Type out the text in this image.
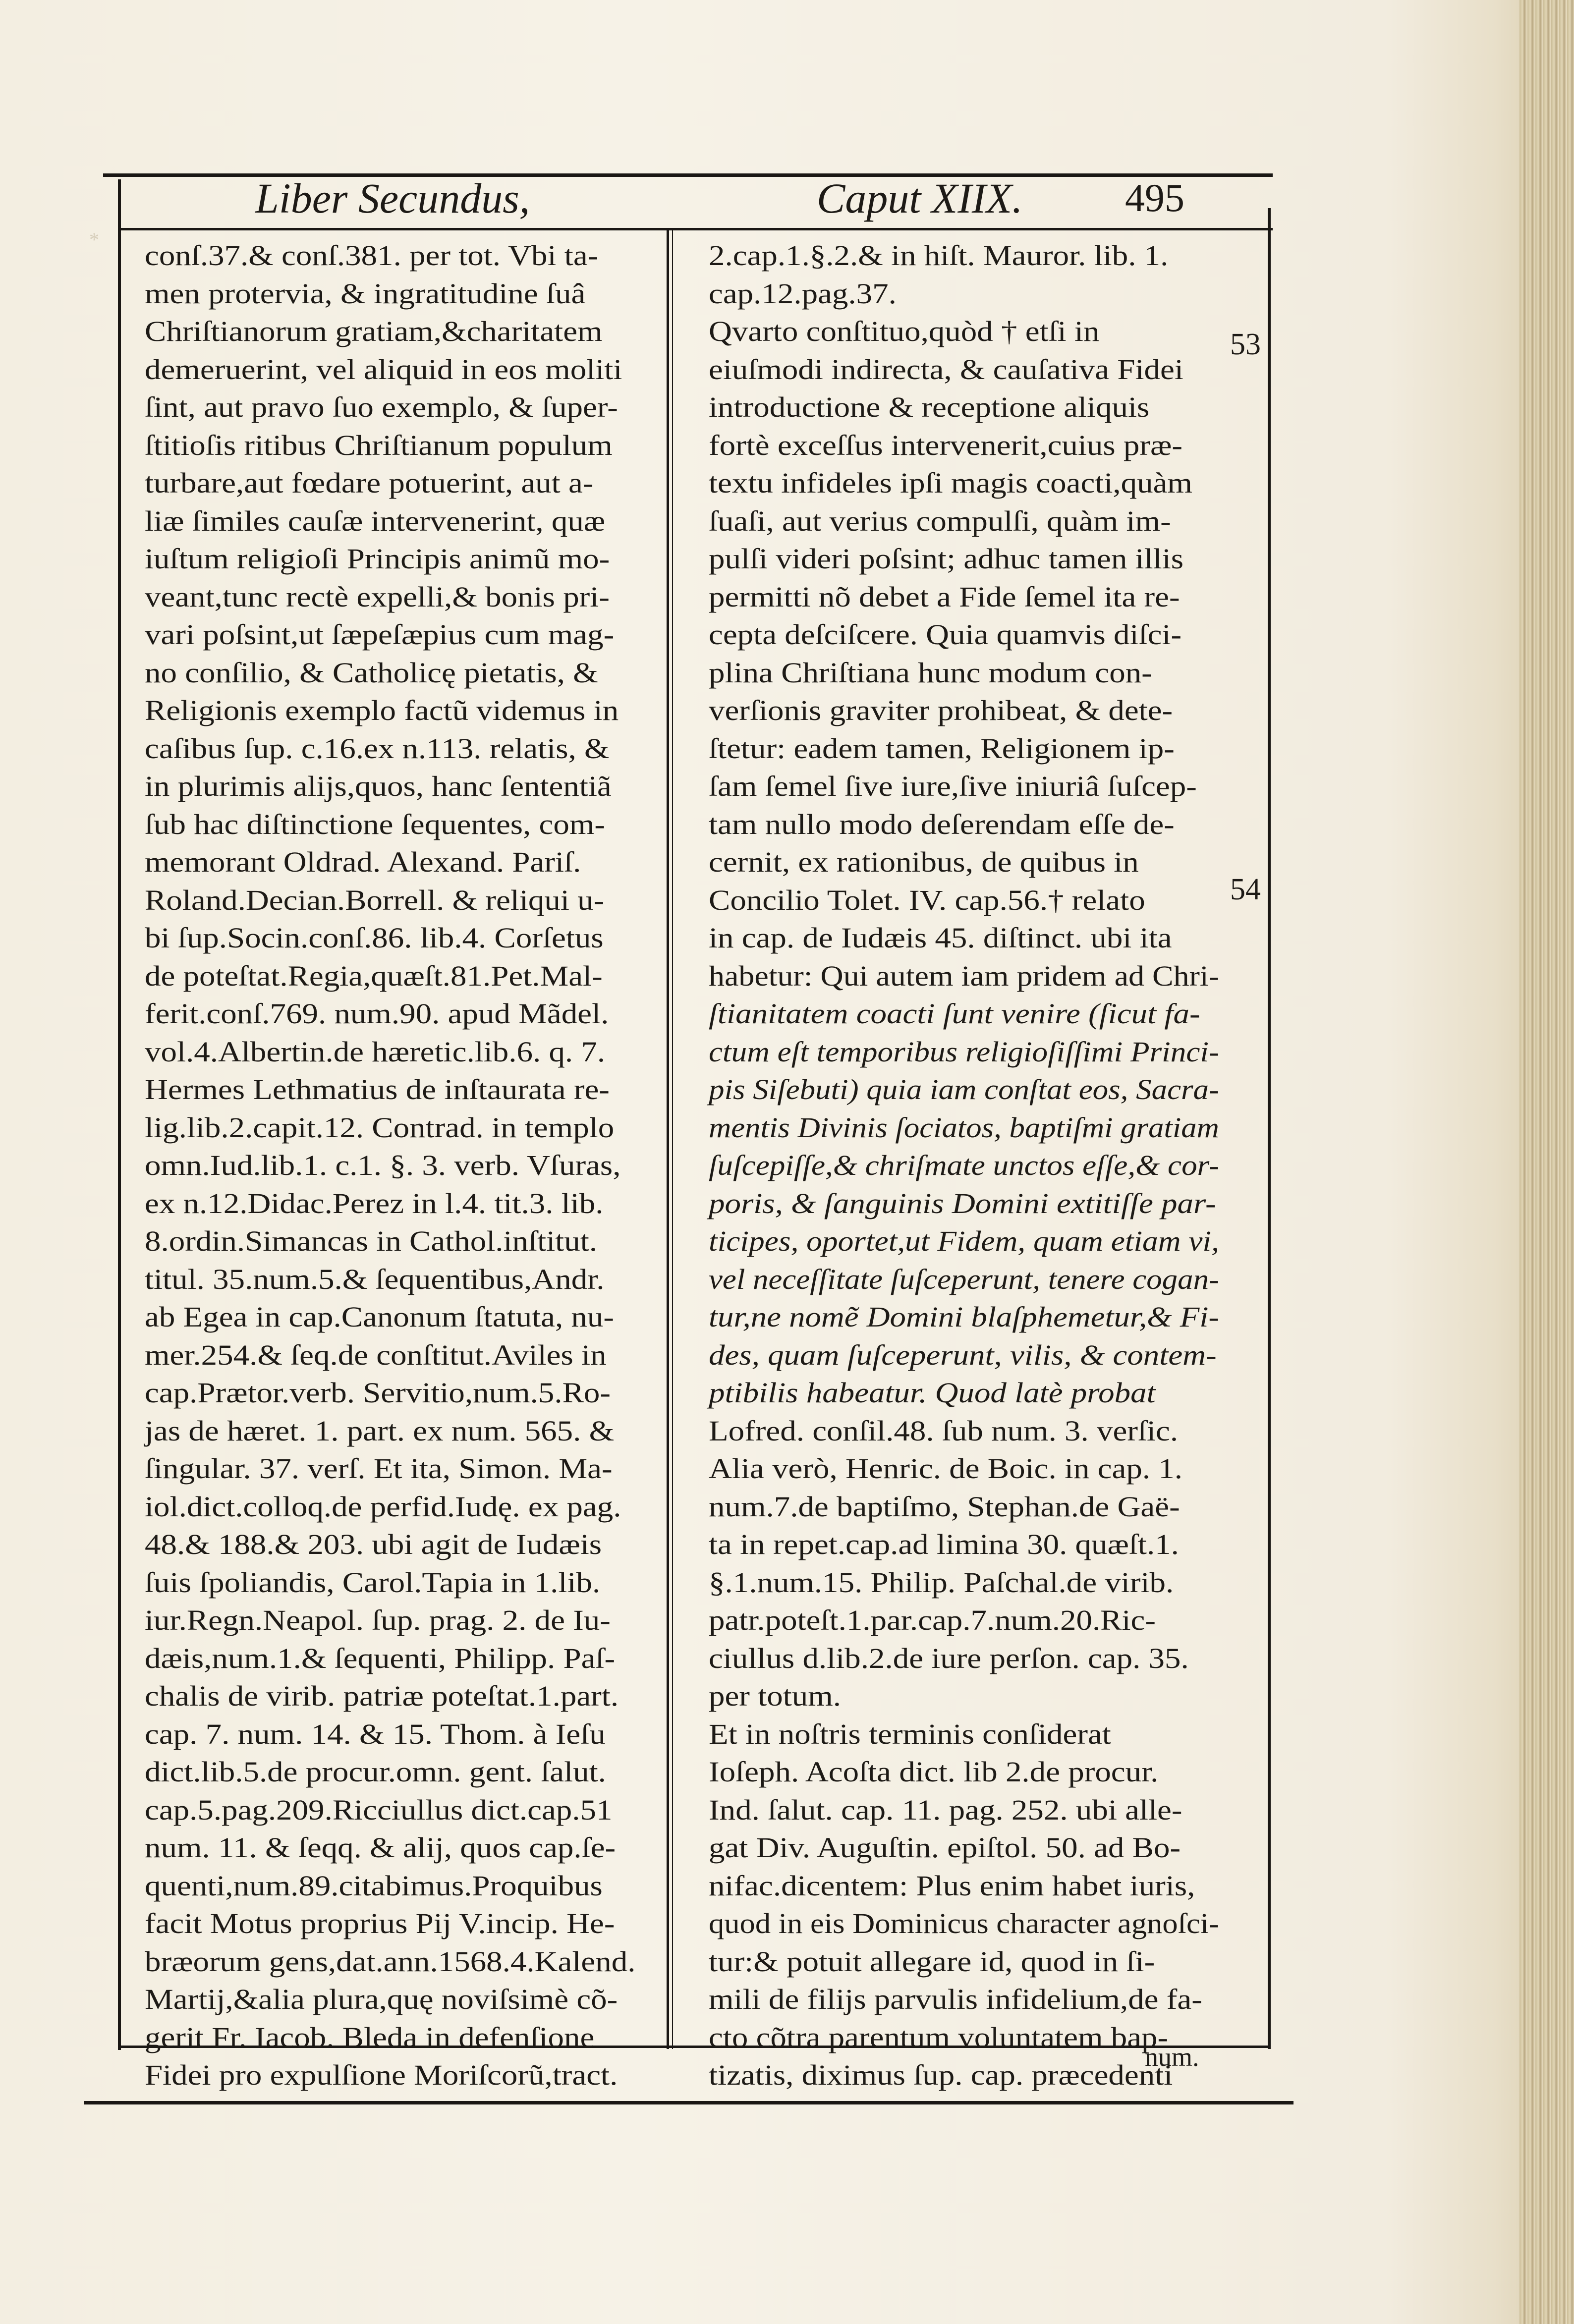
*
Liber Secundus,	Caput XIIX.	495
53
54
conſ.37.& conſ.381. per tot. Vbi ta-
men protervia, & ingratitudine ſuâ
Chriſtianorum gratiam,&charitatem
demeruerint, vel aliquid in eos moliti
ſint, aut pravo ſuo exemplo, & ſuper-
ſtitioſis ritibus Chriſtianum populum
turbare,aut fœdare potuerint, aut a-
liæ ſimiles cauſæ intervenerint, quæ
iuſtum religioſi Principis animũ mo-
veant,tunc rectè expelli,& bonis pri-
vari poſsint,ut ſæpeſæpius cum mag-
no conſilio, & Catholicę pietatis, &
Religionis exemplo factũ videmus in
caſibus ſup. c.16.ex n.113. relatis, &
in plurimis alijs,quos, hanc ſententiã
ſub hac diſtinctione ſequentes, com-
memorant Oldrad. Alexand. Pariſ.
Roland.Decian.Borrell. & reliqui u-
bi ſup.Socin.conſ.86. lib.4. Corſetus
de poteſtat.Regia,quæſt.81.Pet.Mal-
ferit.conſ.769. num.90. apud Mãdel.
vol.4.Albertin.de hæretic.lib.6. q. 7.
Hermes Lethmatius de inſtaurata re-
lig.lib.2.capit.12. Contrad. in templo
omn.Iud.lib.1. c.1. §. 3. verb. Vſuras,
ex n.12.Didac.Perez in l.4. tit.3. lib.
8.ordin.Simancas in Cathol.inſtitut.
titul. 35.num.5.& ſequentibus,Andr.
ab Egea in cap.Canonum ſtatuta, nu-
mer.254.& ſeq.de conſtitut.Aviles in
cap.Prætor.verb. Servitio,num.5.Ro-
jas de hæret. 1. part. ex num. 565. &
ſingular. 37. verſ. Et ita, Simon. Ma-
iol.dict.colloq.de perfid.Iudę. ex pag.
48.& 188.& 203. ubi agit de Iudæis
ſuis ſpoliandis, Carol.Tapia in 1.lib.
iur.Regn.Neapol. ſup. prag. 2. de Iu-
dæis,num.1.& ſequenti, Philipp. Paſ-
chalis de virib. patriæ poteſtat.1.part.
cap. 7. num. 14. & 15. Thom. à Ieſu
dict.lib.5.de procur.omn. gent. ſalut.
cap.5.pag.209.Ricciullus dict.cap.51
num. 11. & ſeqq. & alij, quos cap.ſe-
quenti,num.89.citabimus.Proquibus
facit Motus proprius Pij V.incip. He-
bræorum gens,dat.ann.1568.4.Kalend.
Martij,&alia plura,quę noviſsimè cõ-
gerit Fr. Iacob. Bleda in defenſione
Fidei pro expulſione Moriſcorũ,tract.
2.cap.1.§.2.& in hiſt. Mauror. lib. 1.
cap.12.pag.37.
Qvarto conſtituo,quòd † etſi in
eiuſmodi indirecta, & cauſativa Fidei
introductione & receptione aliquis
fortè exceſſus intervenerit,cuius præ-
textu infideles ipſi magis coacti,quàm
ſuaſi, aut verius compulſi, quàm im-
pulſi videri poſsint; adhuc tamen illis
permitti nõ debet a Fide ſemel ita re-
cepta deſciſcere. Quia quamvis diſci-
plina Chriſtiana hunc modum con-
verſionis graviter prohibeat, & dete-
ſtetur: eadem tamen, Religionem ip-
ſam ſemel ſive iure,ſive iniuriâ ſuſcep-
tam nullo modo deſerendam eſſe de-
cernit, ex rationibus, de quibus in
Concilio Tolet. IV. cap.56.† relato
in cap. de Iudæis 45. diſtinct. ubi ita
habetur: Qui autem iam pridem ad Chri-
ſtianitatem coacti ſunt venire (ſicut fa-
ctum eſt temporibus religioſiſſimi Princi-
pis Siſebuti) quia iam conſtat eos, Sacra-
mentis Divinis ſociatos, baptiſmi gratiam
ſuſcepiſſe,& chriſmate unctos eſſe,& cor-
poris, & ſanguinis Domini extitiſſe par-
ticipes, oportet,ut Fidem, quam etiam vi,
vel neceſſitate ſuſceperunt, tenere cogan-
tur,ne nomẽ Domini blaſphemetur,& Fi-
des, quam ſuſceperunt, vilis, & contem-
ptibilis habeatur. Quod latè probat
Lofred. conſil.48. ſub num. 3. verſic.
Alia verò, Henric. de Boic. in cap. 1.
num.7.de baptiſmo, Stephan.de Gaë-
ta in repet.cap.ad limina 30. quæſt.1.
§.1.num.15. Philip. Paſchal.de virib.
patr.poteſt.1.par.cap.7.num.20.Ric-
ciullus d.lib.2.de iure perſon. cap. 35.
per totum.
Et in noſtris terminis conſiderat
Ioſeph. Acoſta dict. lib 2.de procur.
Ind. ſalut. cap. 11. pag. 252. ubi alle-
gat Div. Auguſtin. epiſtol. 50. ad Bo-
nifac.dicentem: Plus enim habet iuris,
quod in eis Dominicus character agnoſci-
tur:& potuit allegare id, quod in ſi-
mili de filijs parvulis infidelium,de fa-
cto cõtra parentum voluntatem bap-
tizatis, diximus ſup. cap. præcedenti
num.
